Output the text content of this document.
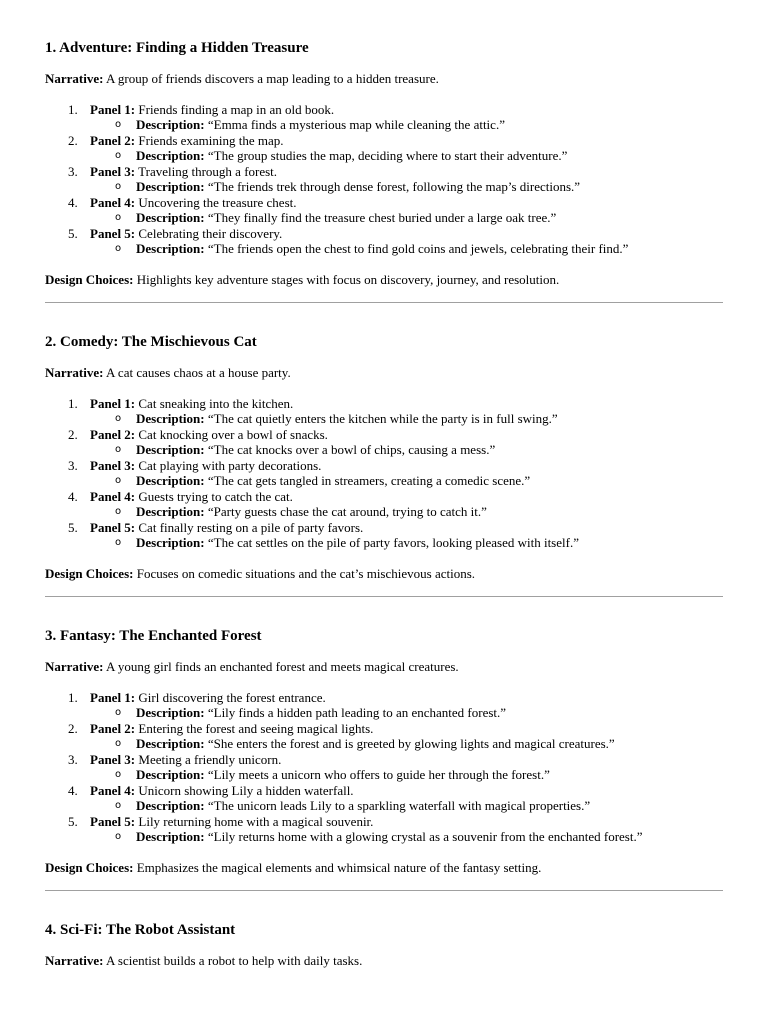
1. Adventure: Finding a Hidden Treasure

Narrative: A group of friends discovers a map leading to a hidden treasure.

1. Panel 1: Friends finding a map in an old book.
o Description: “Emma finds a mysterious map while cleaning the attic.”
2. Panel 2: Friends examining the map.
o Description: “The group studies the map, deciding where to start their adventure.”
3. Panel 3: Traveling through a forest.
o Description: “The friends trek through dense forest, following the map’s directions.”
4. Panel 4: Uncovering the treasure chest.
o Description: “They finally find the treasure chest buried under a large oak tree.”
5. Panel 5: Celebrating their discovery.
o Description: “The friends open the chest to find gold coins and jewels, celebrating their find.”

Design Choices: Highlights key adventure stages with focus on discovery, journey, and resolution.

2. Comedy: The Mischievous Cat

Narrative: A cat causes chaos at a house party.

1. Panel 1: Cat sneaking into the kitchen.
o Description: “The cat quietly enters the kitchen while the party is in full swing.”
2. Panel 2: Cat knocking over a bowl of snacks.
o Description: “The cat knocks over a bowl of chips, causing a mess.”
3. Panel 3: Cat playing with party decorations.
o Description: “The cat gets tangled in streamers, creating a comedic scene.”
4. Panel 4: Guests trying to catch the cat.
o Description: “Party guests chase the cat around, trying to catch it.”
5. Panel 5: Cat finally resting on a pile of party favors.
o Description: “The cat settles on the pile of party favors, looking pleased with itself.”

Design Choices: Focuses on comedic situations and the cat’s mischievous actions.

3. Fantasy: The Enchanted Forest

Narrative: A young girl finds an enchanted forest and meets magical creatures.

1. Panel 1: Girl discovering the forest entrance.
o Description: “Lily finds a hidden path leading to an enchanted forest.”
2. Panel 2: Entering the forest and seeing magical lights.
o Description: “She enters the forest and is greeted by glowing lights and magical creatures.”
3. Panel 3: Meeting a friendly unicorn.
o Description: “Lily meets a unicorn who offers to guide her through the forest.”
4. Panel 4: Unicorn showing Lily a hidden waterfall.
o Description: “The unicorn leads Lily to a sparkling waterfall with magical properties.”
5. Panel 5: Lily returning home with a magical souvenir.
o Description: “Lily returns home with a glowing crystal as a souvenir from the enchanted forest.”

Design Choices: Emphasizes the magical elements and whimsical nature of the fantasy setting.

4. Sci-Fi: The Robot Assistant

Narrative: A scientist builds a robot to help with daily tasks.
